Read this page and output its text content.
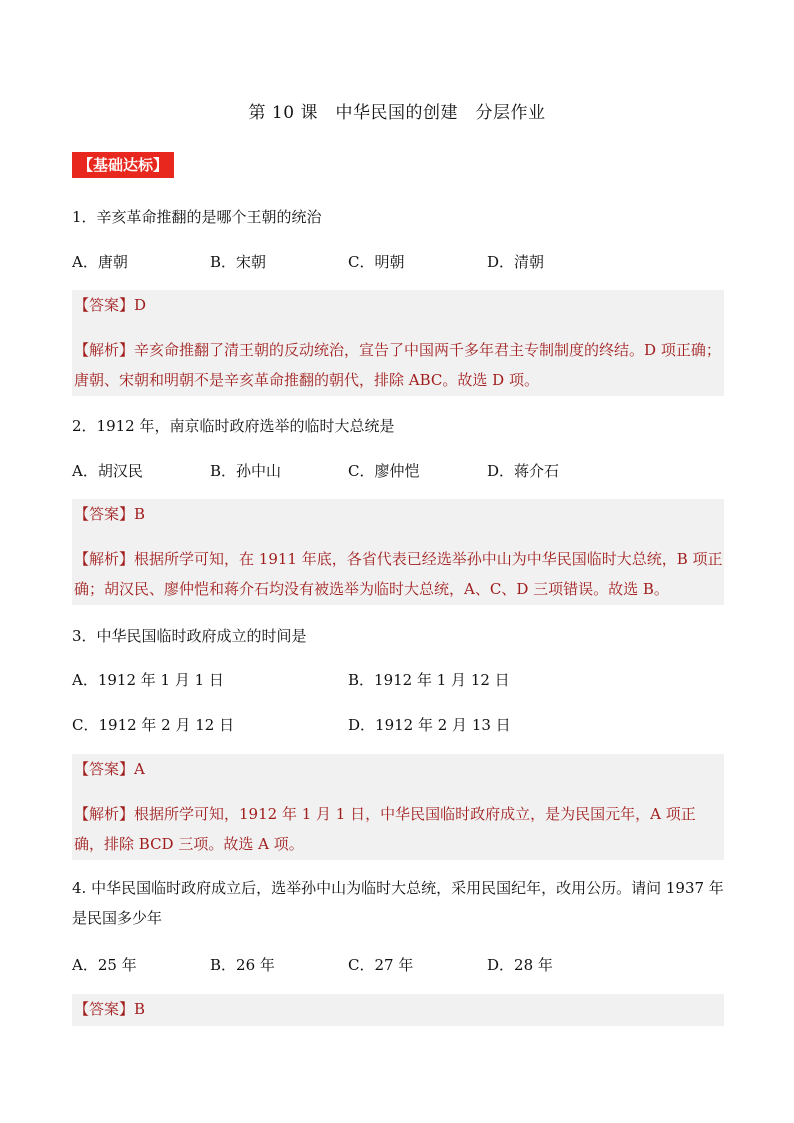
第 10 课　中华民国的创建　分层作业
【基础达标】
1．辛亥革命推翻的是哪个王朝的统治
A．唐朝	B．宋朝	C．明朝	D．清朝
【答案】D
【解析】辛亥命推翻了清王朝的反动统治，宣告了中国两千多年君主专制制度的终结。D 项正确；唐朝、宋朝和明朝不是辛亥革命推翻的朝代，排除 ABC。故选 D 项。
2．1912 年，南京临时政府选举的临时大总统是
A．胡汉民	B．孙中山	C．廖仲恺	D．蒋介石
【答案】B
【解析】根据所学可知，在 1911 年底，各省代表已经选举孙中山为中华民国临时大总统，B 项正确；胡汉民、廖仲恺和蒋介石均没有被选举为临时大总统，A、C、D 三项错误。故选 B。
3．中华民国临时政府成立的时间是
A．1912 年 1 月 1 日	B．1912 年 1 月 12 日
C．1912 年 2 月 12 日	D．1912 年 2 月 13 日
【答案】A
【解析】根据所学可知，1912 年 1 月 1 日，中华民国临时政府成立，是为民国元年，A 项正确，排除 BCD 三项。故选 A 项。
4. 中华民国临时政府成立后，选举孙中山为临时大总统，采用民国纪年，改用公历。请问 1937 年是民国多少年
A．25 年	B．26 年	C．27 年	D．28 年
【答案】B
